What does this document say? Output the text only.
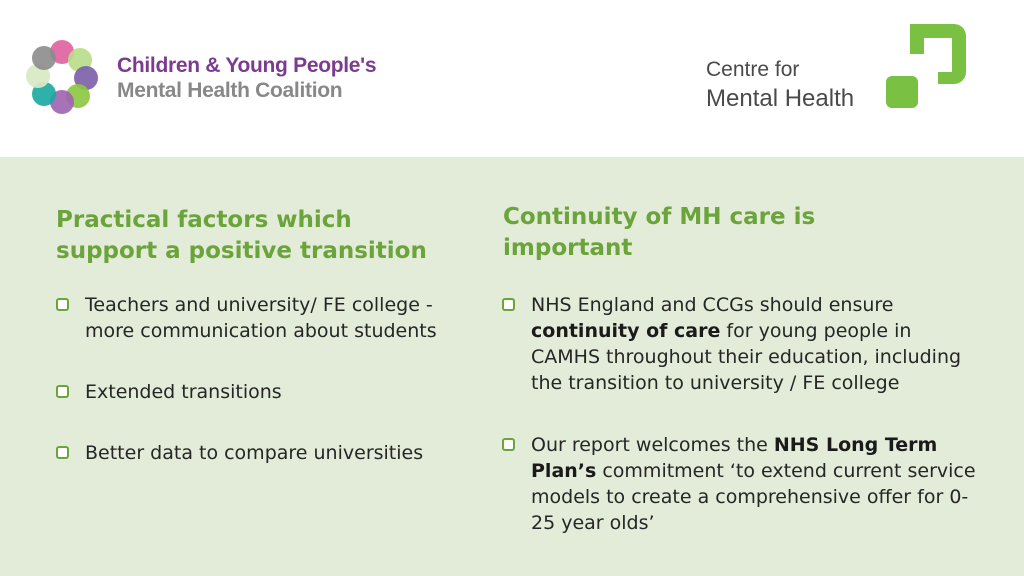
Children & Young People's
Mental Health Coalition
Centre for
Mental Health
Practical factors which support a positive transition
Teachers and university/ FE college - more communication about students
Extended transitions
Better data to compare universities
Continuity of MH care is important
NHS England and CCGs should ensure continuity of care for young people in CAMHS throughout their education, including the transition to university / FE college
Our report welcomes the NHS Long Term Plan’s commitment ‘to extend current service models to create a comprehensive offer for 0-25 year olds’
